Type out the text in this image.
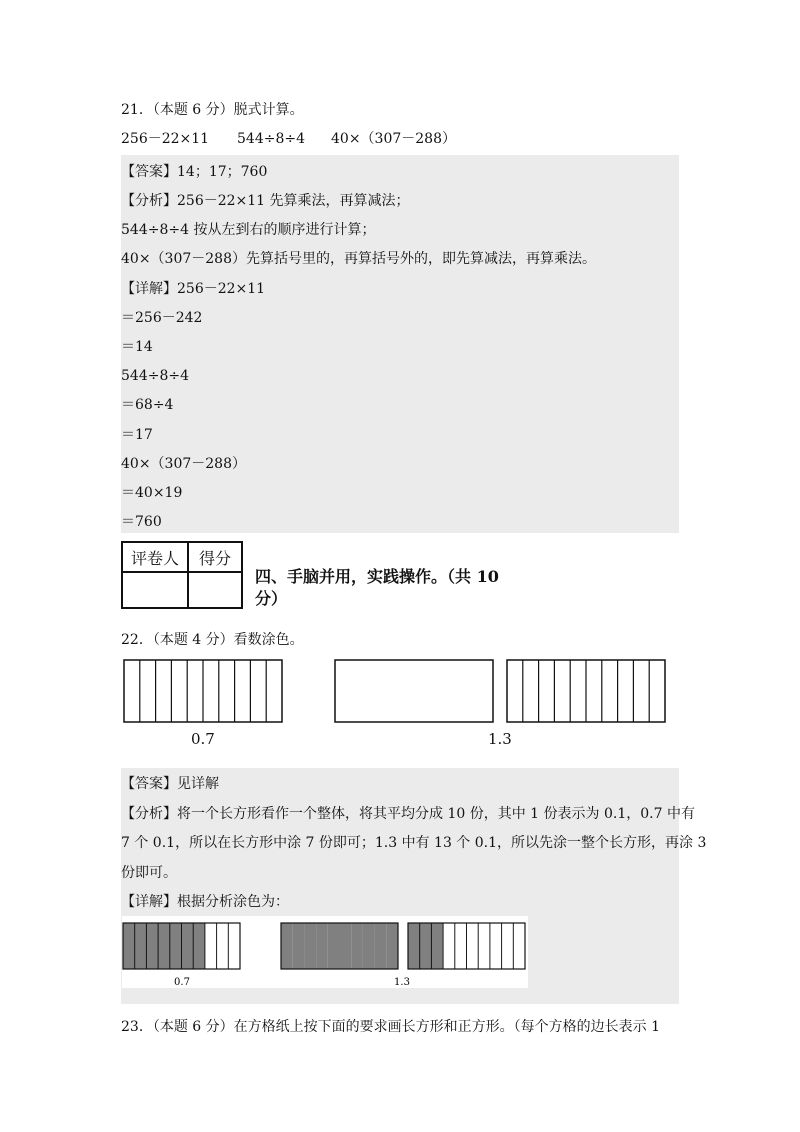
21．（本题 6 分）脱式计算。
256－22×11 544÷8÷4 40×（307－288）
【答案】14；17；760
【分析】256－22×11 先算乘法，再算减法；
544÷8÷4 按从左到右的顺序进行计算；
40×（307－288）先算括号里的，再算括号外的，即先算减法，再算乘法。
【详解】256－22×11
＝256－242
＝14
544÷8÷4
＝68÷4
＝17
40×（307－288）
＝40×19
＝760
评卷人	得分

四、手脑并用，实践操作。（共 10 分）
22．（本题 4 分）看数涂色。
0.7	1.3
【答案】见详解
【分析】将一个长方形看作一个整体，将其平均分成 10 份，其中 1 份表示为 0.1，0.7 中有
7 个 0.1，所以在长方形中涂 7 份即可；1.3 中有 13 个 0.1，所以先涂一整个长方形，再涂 3
份即可。
【详解】根据分析涂色为：
0.7	1.3
23．（本题 6 分）在方格纸上按下面的要求画长方形和正方形。（每个方格的边长表示 1
